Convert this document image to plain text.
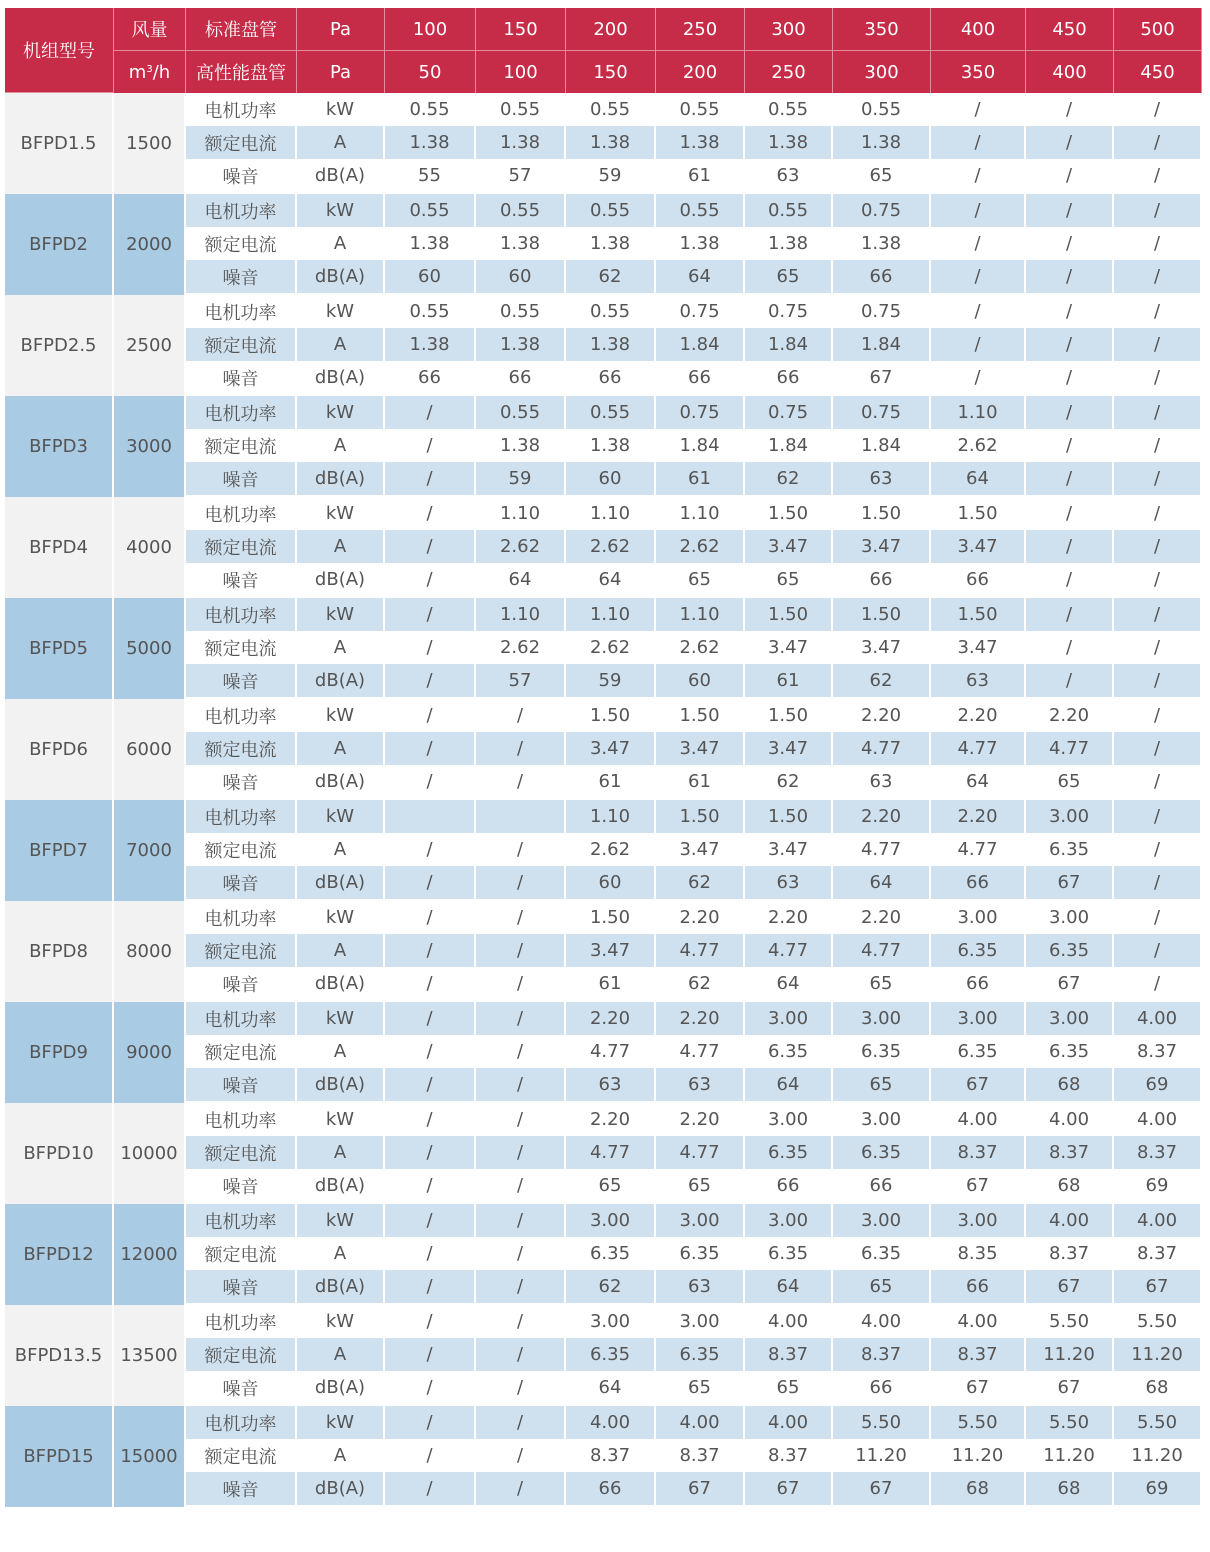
机组型号	风量	标准盘管	Pa	100	150	200	250	300	350	400	450	500
	$m^3/h$	高性能盘管	Pa	50	100	150	200	250	300	350	400	450
BFPD1.5	1500	电机功率	kW	0.55	0.55	0.55	0.55	0.55	0.55	/	/	/
		额定电流	A	1.38	1.38	1.38	1.38	1.38	1.38	/	/	/
		噪音	dB(A)	55	57	59	61	63	65	/	/	/
BFPD2	2000	电机功率	kW	0.55	0.55	0.55	0.55	0.55	0.75	/	/	/
		额定电流	A	1.38	1.38	1.38	1.38	1.38	1.38	/	/	/
		噪音	dB(A)	60	60	62	64	65	66	/	/	/
BFPD2.5	2500	电机功率	kW	0.55	0.55	0.55	0.75	0.75	0.75	/	/	/
		额定电流	A	1.38	1.38	1.38	1.84	1.84	1.84	/	/	/
		噪音	dB(A)	66	66	66	66	66	67	/	/	/
BFPD3	3000	电机功率	kW	/	0.55	0.55	0.75	0.75	0.75	1.10	/	/
		额定电流	A	/	1.38	1.38	1.84	1.84	1.84	2.62	/	/
		噪音	dB(A)	/	59	60	61	62	63	64	/	/
BFPD4	4000	电机功率	kW	/	1.10	1.10	1.10	1.50	1.50	1.50	/	/
		额定电流	A	/	2.62	2.62	2.62	3.47	3.47	3.47	/	/
		噪音	dB(A)	/	64	64	65	65	66	66	/	/
BFPD5	5000	电机功率	kW	/	1.10	1.10	1.10	1.50	1.50	1.50	/	/
		额定电流	A	/	2.62	2.62	2.62	3.47	3.47	3.47	/	/
		噪音	dB(A)	/	57	59	60	61	62	63	/	/
BFPD6	6000	电机功率	kW	/	/	1.50	1.50	1.50	2.20	2.20	2.20	/
		额定电流	A	/	/	3.47	3.47	3.47	4.77	4.77	4.77	/
		噪音	dB(A)	/	/	61	61	62	63	64	65	/
BFPD7	7000	电机功率	kW			1.10	1.50	1.50	2.20	2.20	3.00	/
		额定电流	A	/	/	2.62	3.47	3.47	4.77	4.77	6.35	/
		噪音	dB(A)	/	/	60	62	63	64	66	67	/
BFPD8	8000	电机功率	kW	/	/	1.50	2.20	2.20	2.20	3.00	3.00	/
		额定电流	A	/	/	3.47	4.77	4.77	4.77	6.35	6.35	/
		噪音	dB(A)	/	/	61	62	64	65	66	67	/
BFPD9	9000	电机功率	kW	/	/	2.20	2.20	3.00	3.00	3.00	3.00	4.00
		额定电流	A	/	/	4.77	4.77	6.35	6.35	6.35	6.35	8.37
		噪音	dB(A)	/	/	63	63	64	65	67	68	69
BFPD10	10000	电机功率	kW	/	/	2.20	2.20	3.00	3.00	4.00	4.00	4.00
		额定电流	A	/	/	4.77	4.77	6.35	6.35	8.37	8.37	8.37
		噪音	dB(A)	/	/	65	65	66	66	67	68	69
BFPD12	12000	电机功率	kW	/	/	3.00	3.00	3.00	3.00	3.00	4.00	4.00
		额定电流	A	/	/	6.35	6.35	6.35	6.35	8.35	8.37	8.37
		噪音	dB(A)	/	/	62	63	64	65	66	67	67
BFPD13.5	13500	电机功率	kW	/	/	3.00	3.00	4.00	4.00	4.00	5.50	5.50
		额定电流	A	/	/	6.35	6.35	8.37	8.37	8.37	11.20	11.20
		噪音	dB(A)	/	/	64	65	65	66	67	67	68
BFPD15	15000	电机功率	kW	/	/	4.00	4.00	4.00	5.50	5.50	5.50	5.50
		额定电流	A	/	/	8.37	8.37	8.37	11.20	11.20	11.20	11.20
		噪音	dB(A)	/	/	66	67	67	67	68	68	69
